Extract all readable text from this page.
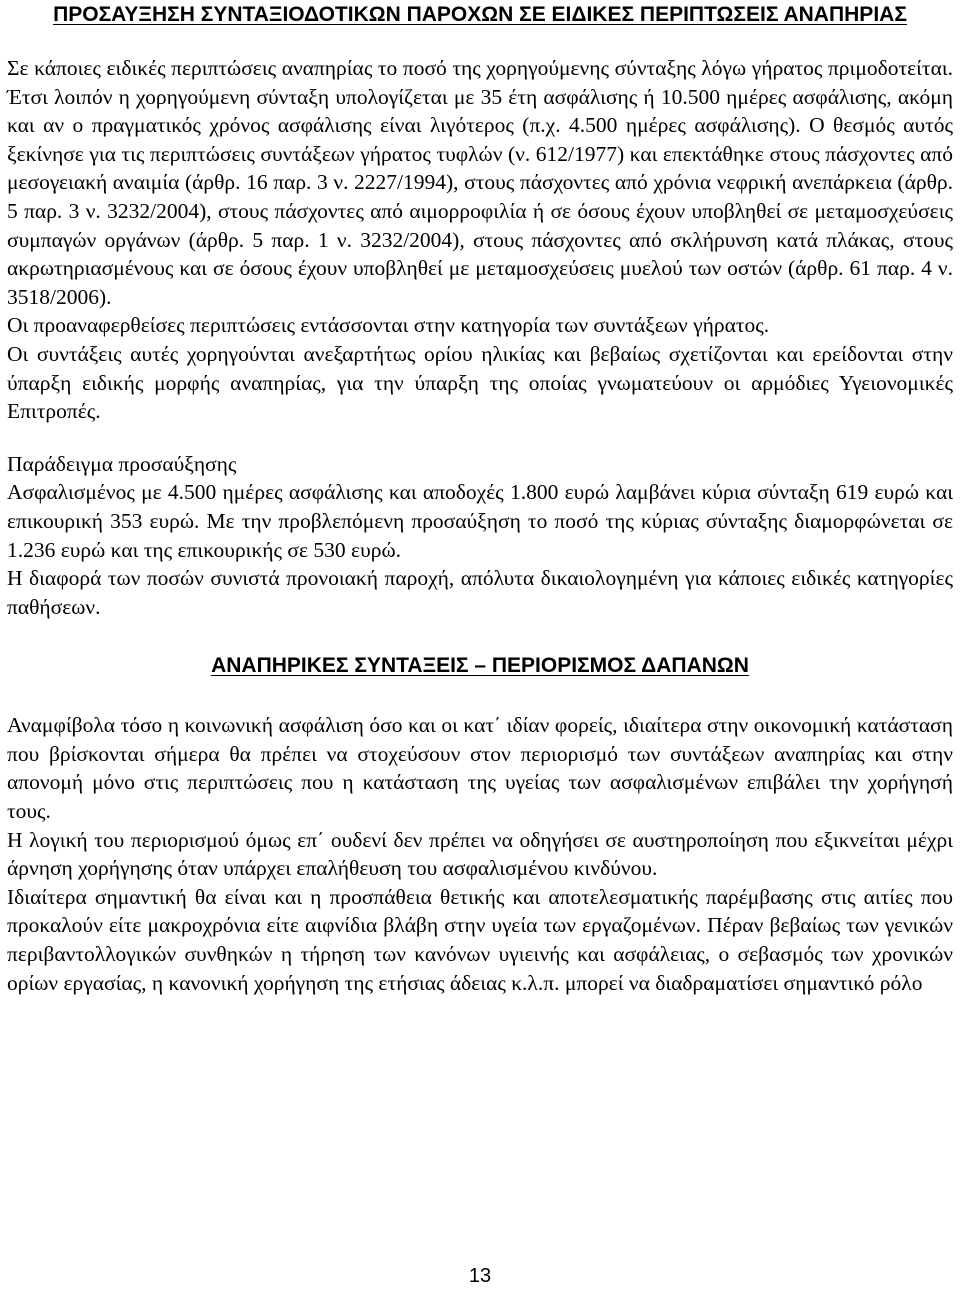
ΠΡΟΣΑΥΞΗΣΗ ΣΥΝΤΑΞΙΟΔΟΤΙΚΩΝ ΠΑΡΟΧΩΝ ΣΕ ΕΙΔΙΚΕΣ ΠΕΡΙΠΤΩΣΕΙΣ ΑΝΑΠΗΡΙΑΣ

Σε κάποιες ειδικές περιπτώσεις αναπηρίας το ποσό της χορηγούμενης σύνταξης λόγω γήρατος πριμοδοτείται. Έτσι λοιπόν η χορηγούμενη σύνταξη υπολογίζεται με 35 έτη ασφάλισης ή 10.500 ημέρες ασφάλισης, ακόμη και αν ο πραγματικός χρόνος ασφάλισης είναι λιγότερος (π.χ. 4.500 ημέρες ασφάλισης). Ο θεσμός αυτός ξεκίνησε για τις περιπτώσεις συντάξεων γήρατος τυφλών (ν. 612/1977) και επεκτάθηκε στους πάσχοντες από μεσογειακή αναιμία (άρθρ. 16 παρ. 3 ν. 2227/1994), στους πάσχοντες από χρόνια νεφρική ανεπάρκεια (άρθρ. 5 παρ. 3 ν. 3232/2004), στους πάσχοντες από αιμορροφιλία ή σε όσους έχουν υποβληθεί σε μεταμοσχεύσεις συμπαγών οργάνων (άρθρ. 5 παρ. 1 ν. 3232/2004), στους πάσχοντες από σκλήρυνση κατά πλάκας, στους ακρωτηριασμένους και σε όσους έχουν υποβληθεί με μεταμοσχεύσεις μυελού των οστών (άρθρ. 61 παρ. 4 ν. 3518/2006).

Οι προαναφερθείσες περιπτώσεις εντάσσονται στην κατηγορία των συντάξεων γήρατος.

Οι συντάξεις αυτές χορηγούνται ανεξαρτήτως ορίου ηλικίας και βεβαίως σχετίζονται και ερείδονται στην ύπαρξη ειδικής μορφής αναπηρίας, για την ύπαρξη της οποίας γνωματεύουν οι αρμόδιες Υγειονομικές Επιτροπές.

Παράδειγμα προσαύξησης

Ασφαλισμένος με 4.500 ημέρες ασφάλισης και αποδοχές 1.800 ευρώ λαμβάνει κύρια σύνταξη 619 ευρώ και επικουρική 353 ευρώ. Με την προβλεπόμενη προσαύξηση το ποσό της κύριας σύνταξης διαμορφώνεται σε 1.236 ευρώ και της επικουρικής σε 530 ευρώ.

Η διαφορά των ποσών συνιστά προνοιακή παροχή, απόλυτα δικαιολογημένη για κάποιες ειδικές κατηγορίες παθήσεων.

ΑΝΑΠΗΡΙΚΕΣ ΣΥΝΤΑΞΕΙΣ – ΠΕΡΙΟΡΙΣΜΟΣ ΔΑΠΑΝΩΝ

Αναμφίβολα τόσο η κοινωνική ασφάλιση όσο και οι κατ΄ ιδίαν φορείς, ιδιαίτερα στην οικονομική κατάσταση που βρίσκονται σήμερα θα πρέπει να στοχεύσουν στον περιορισμό των συντάξεων αναπηρίας και στην απονομή μόνο στις περιπτώσεις που η κατάσταση της υγείας των ασφαλισμένων επιβάλει την χορήγησή τους.

Η λογική του περιορισμού όμως επ΄ ουδενί δεν πρέπει να οδηγήσει σε αυστηροποίηση που εξικνείται μέχρι άρνηση χορήγησης όταν υπάρχει επαλήθευση του ασφαλισμένου κινδύνου.

Ιδιαίτερα σημαντική θα είναι και η προσπάθεια θετικής και αποτελεσματικής παρέμβασης στις αιτίες που προκαλούν είτε μακροχρόνια είτε αιφνίδια βλάβη στην υγεία των εργαζομένων. Πέραν βεβαίως των γενικών περιβαντολλογικών συνθηκών η τήρηση των κανόνων υγιεινής και ασφάλειας, ο σεβασμός των χρονικών ορίων εργασίας, η κανονική χορήγηση της ετήσιας άδειας κ.λ.π. μπορεί να διαδραματίσει σημαντικό ρόλο

13
